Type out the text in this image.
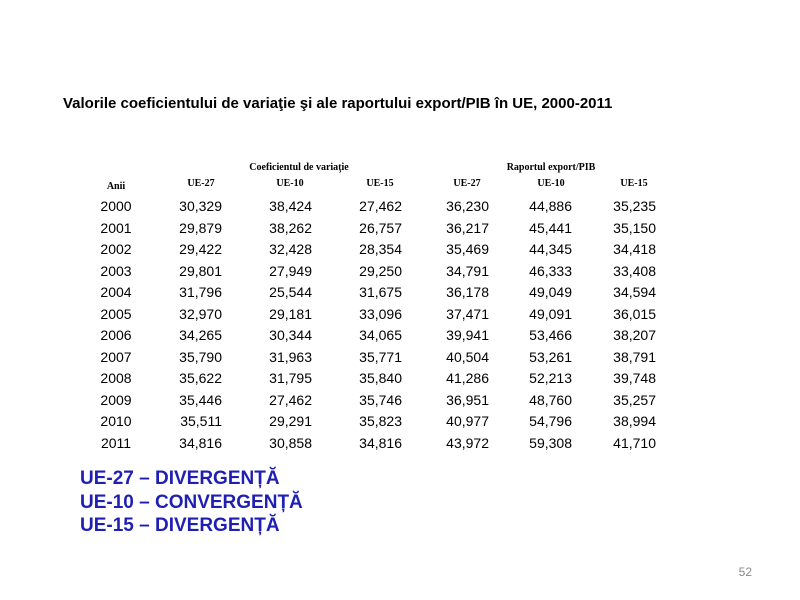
Valorile coeficientului de variaţie şi ale raportului export/PIB în UE, 2000-2011
Coeficientul de variaţie	Raportul export/PIB
Anii	UE-27	UE-10	UE-15	UE-27	UE-10	UE-15
2000	30,329	38,424	27,462	36,230	44,886	35,235
2001	29,879	38,262	26,757	36,217	45,441	35,150
2002	29,422	32,428	28,354	35,469	44,345	34,418
2003	29,801	27,949	29,250	34,791	46,333	33,408
2004	31,796	25,544	31,675	36,178	49,049	34,594
2005	32,970	29,181	33,096	37,471	49,091	36,015
2006	34,265	30,344	34,065	39,941	53,466	38,207
2007	35,790	31,963	35,771	40,504	53,261	38,791
2008	35,622	31,795	35,840	41,286	52,213	39,748
2009	35,446	27,462	35,746	36,951	48,760	35,257
2010	35,511	29,291	35,823	40,977	54,796	38,994
2011	34,816	30,858	34,816	43,972	59,308	41,710
UE-27 – DIVERGENȚĂ
UE-10 – CONVERGENȚĂ
UE-15 – DIVERGENȚĂ
52
